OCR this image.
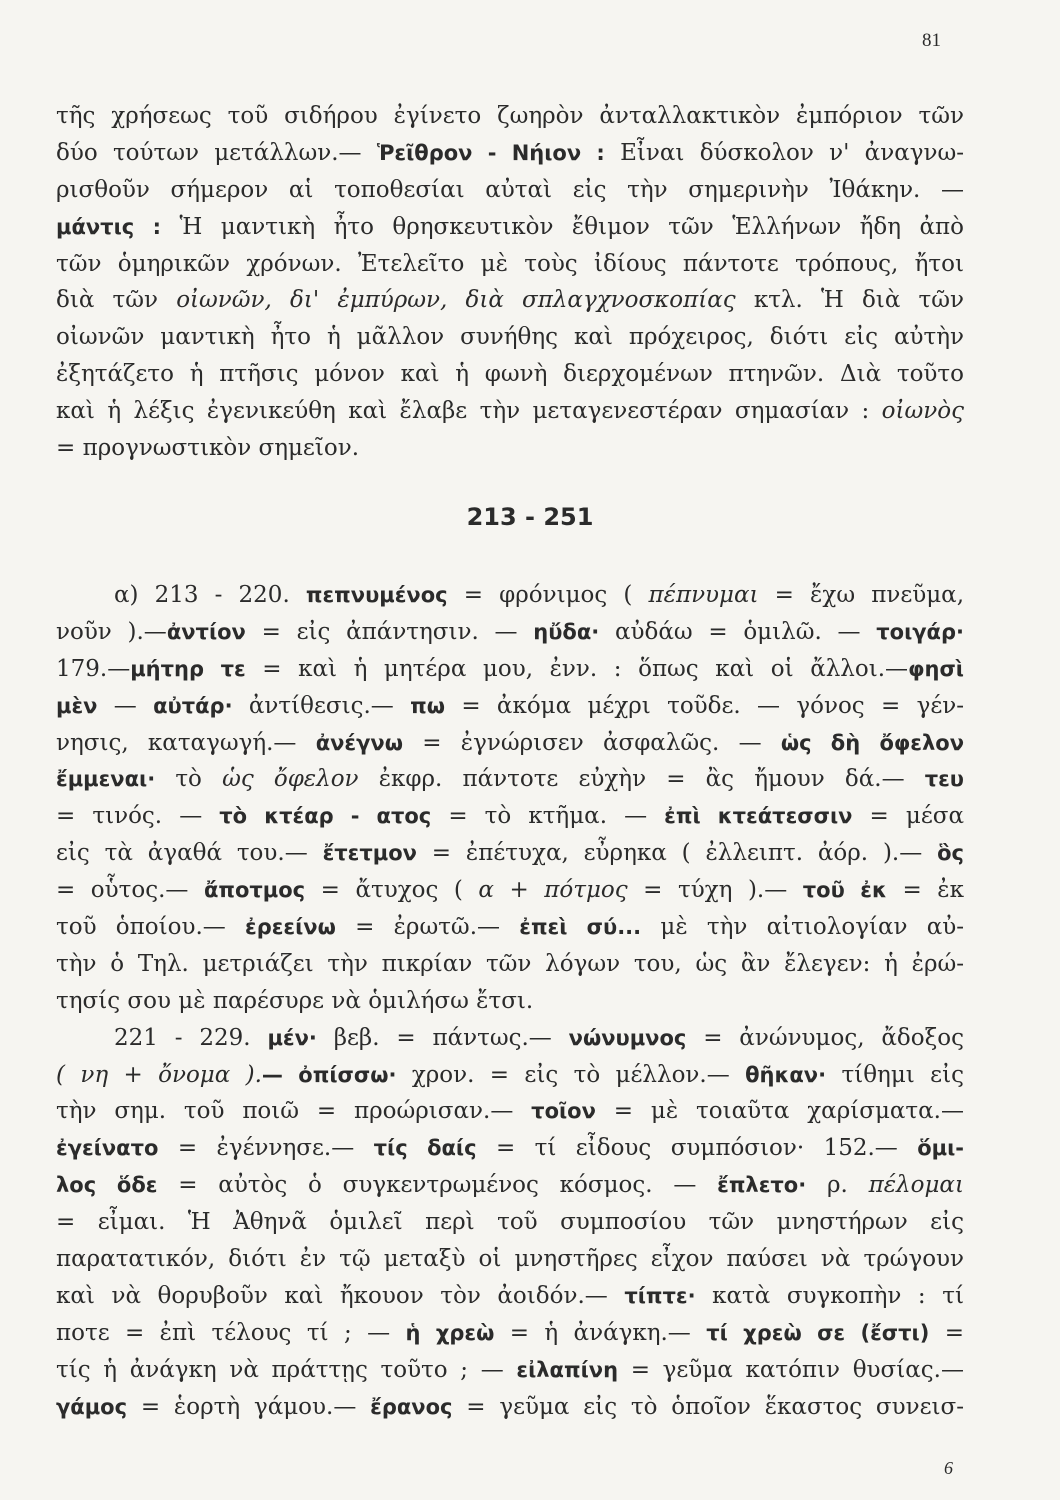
81
τῆς χρήσεως τοῦ σιδήρου ἐγίνετο ζωηρὸν ἀνταλλακτικὸν ἐμπόριον τῶν
δύο τούτων μετάλλων.— Ῥεῖθρον - Νήιον : Εἶναι δύσκολον ν' ἀναγνω-
ρισθοῦν σήμερον αἱ τοποθεσίαι αὐταὶ εἰς τὴν σημερινὴν Ἰθάκην. —
μάντις : Ἡ μαντικὴ ἦτο θρησκευτικὸν ἔθιμον τῶν Ἑλλήνων ἤδη ἀπὸ
τῶν ὁμηρικῶν χρόνων. Ἐτελεῖτο μὲ τοὺς ἰδίους πάντοτε τρόπους, ἤτοι
διὰ τῶν οἰωνῶν, δι' ἐμπύρων, διὰ σπλαγχνοσκοπίας κτλ. Ἡ διὰ τῶν
οἰωνῶν μαντικὴ ἦτο ἡ μᾶλλον συνήθης καὶ πρόχειρος, διότι εἰς αὐτὴν
ἐξητάζετο ἡ πτῆσις μόνον καὶ ἡ φωνὴ διερχομένων πτηνῶν. Διὰ τοῦτο
καὶ ἡ λέξις ἐγενικεύθη καὶ ἔλαβε τὴν μεταγενεστέραν σημασίαν : οἰωνὸς
= προγνωστικὸν σημεῖον.
213 - 251
α) 213 - 220. πεπνυμένος = φρόνιμος ( πέπνυμαι = ἔχω πνεῦμα,
νοῦν ).—ἀντίον = εἰς ἀπάντησιν. — ηὔδα· αὐδάω = ὁμιλῶ. — τοιγάρ·
179.—μήτηρ τε = καὶ ἡ μητέρα μου, ἐνν. : ὅπως καὶ οἱ ἄλλοι.—φησὶ
μὲν — αὐτάρ· ἀντίθεσις.— πω = ἀκόμα μέχρι τοῦδε. — γόνος = γέν-
νησις, καταγωγή.— ἀνέγνω = ἐγνώρισεν ἀσφαλῶς. — ὡς δὴ ὄφελον
ἔμμεναι· τὸ ὡς ὄφελον ἐκφρ. πάντοτε εὐχὴν = ἂς ἤμουν δά.— τευ
= τινός. — τὸ κτέαρ - ατος = τὸ κτῆμα. — ἐπὶ κτεάτεσσιν = μέσα
εἰς τὰ ἀγαθά του.— ἔτετμον = ἐπέτυχα, εὖρηκα ( ἐλλειπτ. ἀόρ. ).— ὃς
= οὗτος.— ἄποτμος = ἄτυχος ( α + πότμος = τύχη ).— τοῦ ἐκ = ἐκ
τοῦ ὁποίου.— ἐρεείνω = ἐρωτῶ.— ἐπεὶ σύ... μὲ τὴν αἰτιολογίαν αὐ-
τὴν ὁ Τηλ. μετριάζει τὴν πικρίαν τῶν λόγων του, ὡς ἂν ἔλεγεν: ἡ ἐρώ-
τησίς σου μὲ παρέσυρε νὰ ὁμιλήσω ἔτσι.
221 - 229. μέν· βεβ. = πάντως.— νώνυμνος = ἀνώνυμος, ἄδοξος
( νη + ὄνομα ).— ὀπίσσω· χρον. = εἰς τὸ μέλλον.— θῆκαν· τίθημι εἰς
τὴν σημ. τοῦ ποιῶ = προώρισαν.— τοῖον = μὲ τοιαῦτα χαρίσματα.—
ἐγείνατο = ἐγέννησε.— τίς δαίς = τί εἶδους συμπόσιον· 152.— ὅμι-
λος ὅδε = αὐτὸς ὁ συγκεντρωμένος κόσμος. — ἔπλετο· ρ. πέλομαι
= εἶμαι. Ἡ Ἀθηνᾶ ὁμιλεῖ περὶ τοῦ συμποσίου τῶν μνηστήρων εἰς
παρατατικόν, διότι ἐν τῷ μεταξὺ οἱ μνηστῆρες εἶχον παύσει νὰ τρώγουν
καὶ νὰ θορυβοῦν καὶ ἤκουον τὸν ἀοιδόν.— τίπτε· κατὰ συγκοπὴν : τί
ποτε = ἐπὶ τέλους τί ; — ἡ χρεὼ = ἡ ἀνάγκη.— τί χρεὼ σε (ἔστι) =
τίς ἡ ἀνάγκη νὰ πράττῃς τοῦτο ; — εἰλαπίνη = γεῦμα κατόπιν θυσίας.—
γάμος = ἑορτὴ γάμου.— ἔρανος = γεῦμα εἰς τὸ ὁποῖον ἕκαστος συνεισ-
6
